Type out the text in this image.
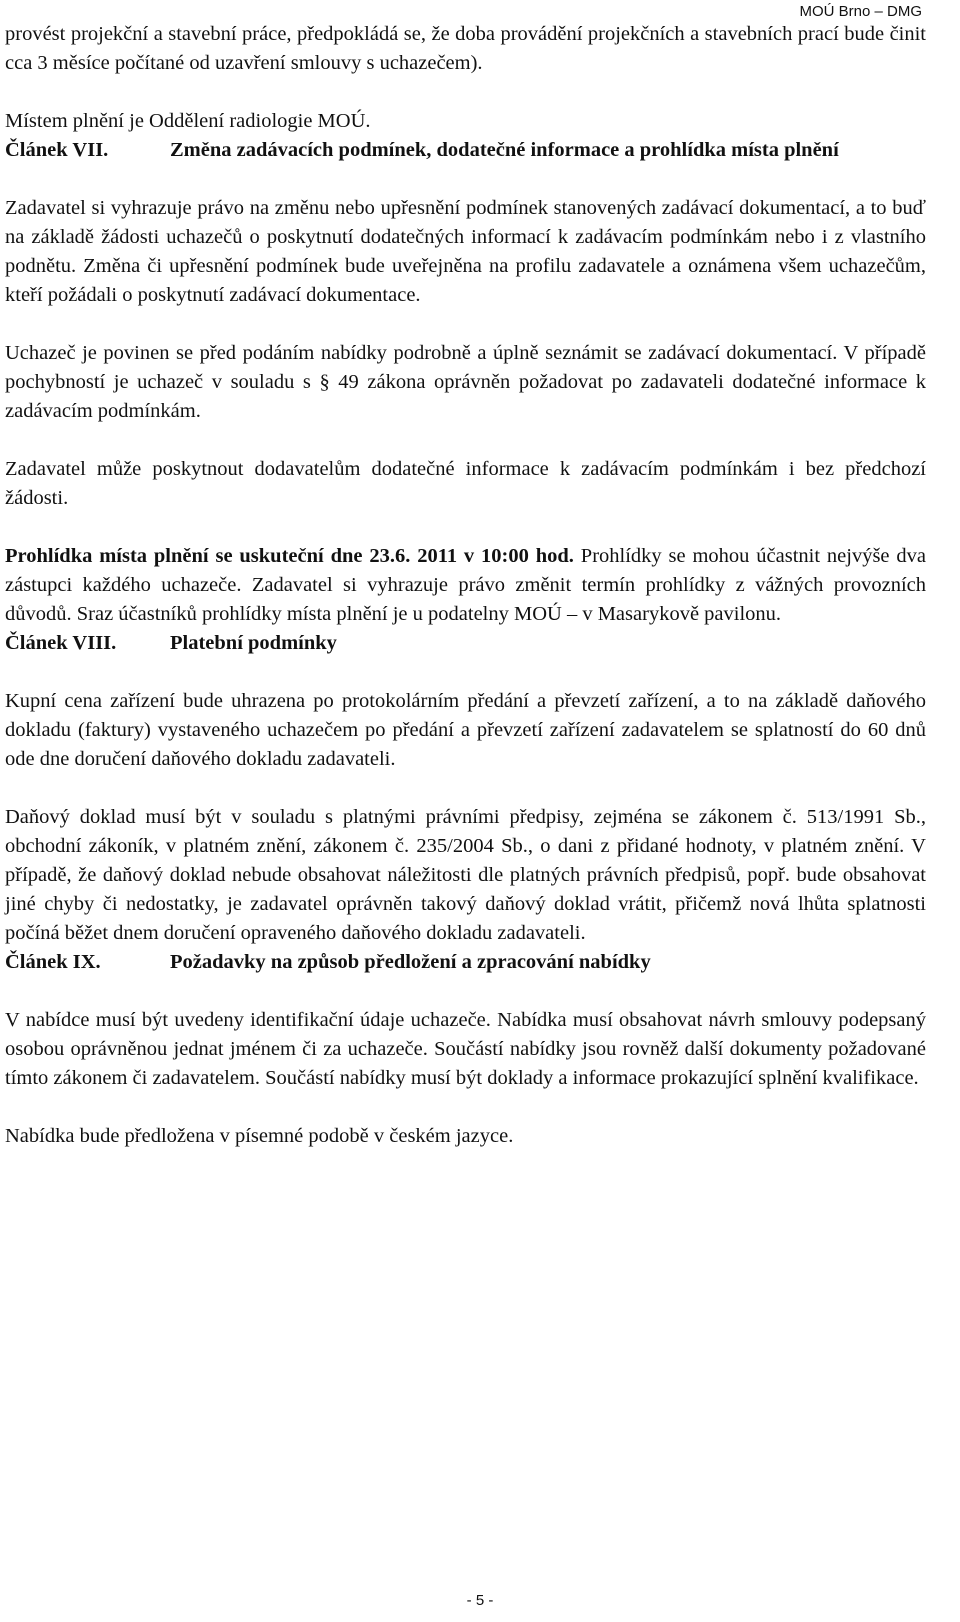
MOÚ Brno – DMG

provést projekční a stavební práce, předpokládá se, že doba provádění projekčních a stavebních prací bude činit cca 3 měsíce počítané od uzavření smlouvy s uchazečem).

Místem plnění je Oddělení radiologie MOÚ.

Článek VII.	Změna zadávacích podmínek, dodatečné informace a prohlídka místa plnění

Zadavatel si vyhrazuje právo na změnu nebo upřesnění podmínek stanovených zadávací dokumentací, a to buď na základě žádosti uchazečů o poskytnutí dodatečných informací k zadávacím podmínkám nebo i z vlastního podnětu. Změna či upřesnění podmínek bude uveřejněna na profilu zadavatele a oznámena všem uchazečům, kteří požádali o poskytnutí zadávací dokumentace.

Uchazeč je povinen se před podáním nabídky podrobně a úplně seznámit se zadávací dokumentací. V případě pochybností je uchazeč v souladu s § 49 zákona oprávněn požadovat po zadavateli dodatečné informace k zadávacím podmínkám.

Zadavatel může poskytnout dodavatelům dodatečné informace k zadávacím podmínkám i bez předchozí žádosti.

Prohlídka místa plnění se uskuteční dne 23.6. 2011 v 10:00 hod. Prohlídky se mohou účastnit nejvýše dva zástupci každého uchazeče. Zadavatel si vyhrazuje právo změnit termín prohlídky z vážných provozních důvodů. Sraz účastníků prohlídky místa plnění je u podatelny MOÚ – v Masarykově pavilonu.

Článek VIII.	Platební podmínky

Kupní cena zařízení bude uhrazena po protokolárním předání a převzetí zařízení, a to na základě daňového dokladu (faktury) vystaveného uchazečem po předání a převzetí zařízení zadavatelem se splatností do 60 dnů ode dne doručení daňového dokladu zadavateli.

Daňový doklad musí být v souladu s platnými právními předpisy, zejména se zákonem č. 513/1991 Sb., obchodní zákoník, v platném znění, zákonem č. 235/2004 Sb., o dani z přidané hodnoty, v platném znění. V případě, že daňový doklad nebude obsahovat náležitosti dle platných právních předpisů, popř. bude obsahovat jiné chyby či nedostatky, je zadavatel oprávněn takový daňový doklad vrátit, přičemž nová lhůta splatnosti počíná běžet dnem doručení opraveného daňového dokladu zadavateli.

Článek IX.	Požadavky na způsob předložení a zpracování nabídky

V nabídce musí být uvedeny identifikační údaje uchazeče. Nabídka musí obsahovat návrh smlouvy podepsaný osobou oprávněnou jednat jménem či za uchazeče. Součástí nabídky jsou rovněž další dokumenty požadované tímto zákonem či zadavatelem. Součástí nabídky musí být doklady a informace prokazující splnění kvalifikace.

Nabídka bude předložena v písemné podobě v českém jazyce.

- 5 -
